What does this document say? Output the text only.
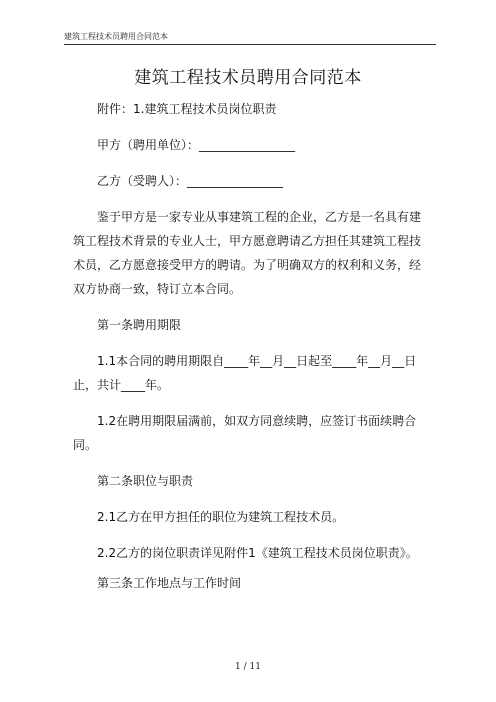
建筑工程技术员聘用合同范本
建筑工程技术员聘用合同范本

附件：1.建筑工程技术员岗位职责

甲方（聘用单位）：________________

乙方（受聘人）：________________

鉴于甲方是一家专业从事建筑工程的企业，乙方是一名具有建筑工程技术背景的专业人士，甲方愿意聘请乙方担任其建筑工程技术员，乙方愿意接受甲方的聘请。为了明确双方的权利和义务，经双方协商一致，特订立本合同。

第一条聘用期限

1.1本合同的聘用期限自____年__月__日起至____年__月__日止，共计____年。

1.2在聘用期限届满前，如双方同意续聘，应签订书面续聘合同。

第二条职位与职责

2.1乙方在甲方担任的职位为建筑工程技术员。

2.2乙方的岗位职责详见附件1《建筑工程技术员岗位职责》。

第三条工作地点与工作时间

1 / 11
